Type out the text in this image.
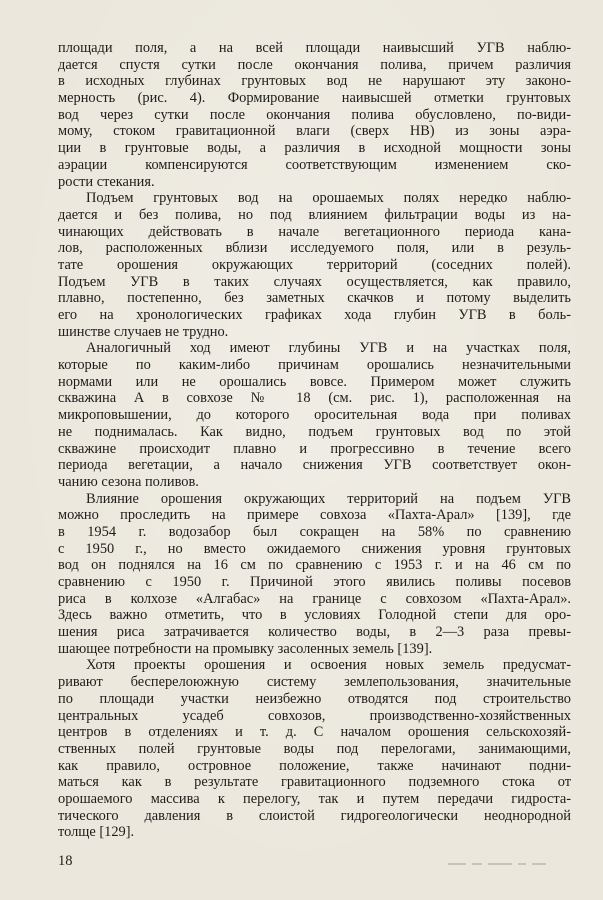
площади поля, а на всей площади наивысший УГВ наблю-
дается спустя сутки после окончания полива, причем различия
в исходных глубинах грунтовых вод не нарушают эту законо-
мерность (рис. 4). Формирование наивысшей отметки грунтовых
вод через сутки после окончания полива обусловлено, по-види-
мому, стоком гравитационной влаги (сверх НВ) из зоны аэра-
ции в грунтовые воды, а различия в исходной мощности зоны
аэрации компенсируются соответствующим изменением ско-
рости стекания.
Подъем грунтовых вод на орошаемых полях нередко наблю-
дается и без полива, но под влиянием фильтрации воды из на-
чинающих действовать в начале вегетационного периода кана-
лов, расположенных вблизи исследуемого поля, или в резуль-
тате орошения окружающих территорий (соседних полей).
Подъем УГВ в таких случаях осуществляется, как правило,
плавно, постепенно, без заметных скачков и потому выделить
его на хронологических графиках хода глубин УГВ в боль-
шинстве случаев не трудно.
Аналогичный ход имеют глубины УГВ и на участках поля,
которые по каким-либо причинам орошались незначительными
нормами или не орошались вовсе. Примером может служить
скважина А в совхозе № 18 (см. рис. 1), расположенная на
микроповышении, до которого оросительная вода при поливах
не поднималась. Как видно, подъем грунтовых вод по этой
скважине происходит плавно и прогрессивно в течение всего
периода вегетации, а начало снижения УГВ соответствует окон-
чанию сезона поливов.
Влияние орошения окружающих территорий на подъем УГВ
можно проследить на примере совхоза «Пахта-Арал» [139], где
в 1954 г. водозабор был сокращен на 58% по сравнению
с 1950 г., но вместо ожидаемого снижения уровня грунтовых
вод он поднялся на 16 см по сравнению с 1953 г. и на 46 см по
сравнению с 1950 г. Причиной этого явились поливы посевов
риса в колхозе «Алгабас» на границе с совхозом «Пахта-Арал».
Здесь важно отметить, что в условиях Голодной степи для оро-
шения риса затрачивается количество воды, в 2—3 раза превы-
шающее потребности на промывку засоленных земель [139].
Хотя проекты орошения и освоения новых земель предусмат-
ривают бесперелоюжную систему землепользования, значительные
по площади участки неизбежно отводятся под строительство
центральных усадеб совхозов, производственно-хозяйственных
центров в отделениях и т. д. С началом орошения сельскохозяй-
ственных полей грунтовые воды под перелогами, занимающими,
как правило, островное положение, также начинают подни-
маться как в результате гравитационного подземного стока от
орошаемого массива к перелогу, так и путем передачи гидроста-
тического давления в слоистой гидрогеологически неоднородной
толще [129].
18
